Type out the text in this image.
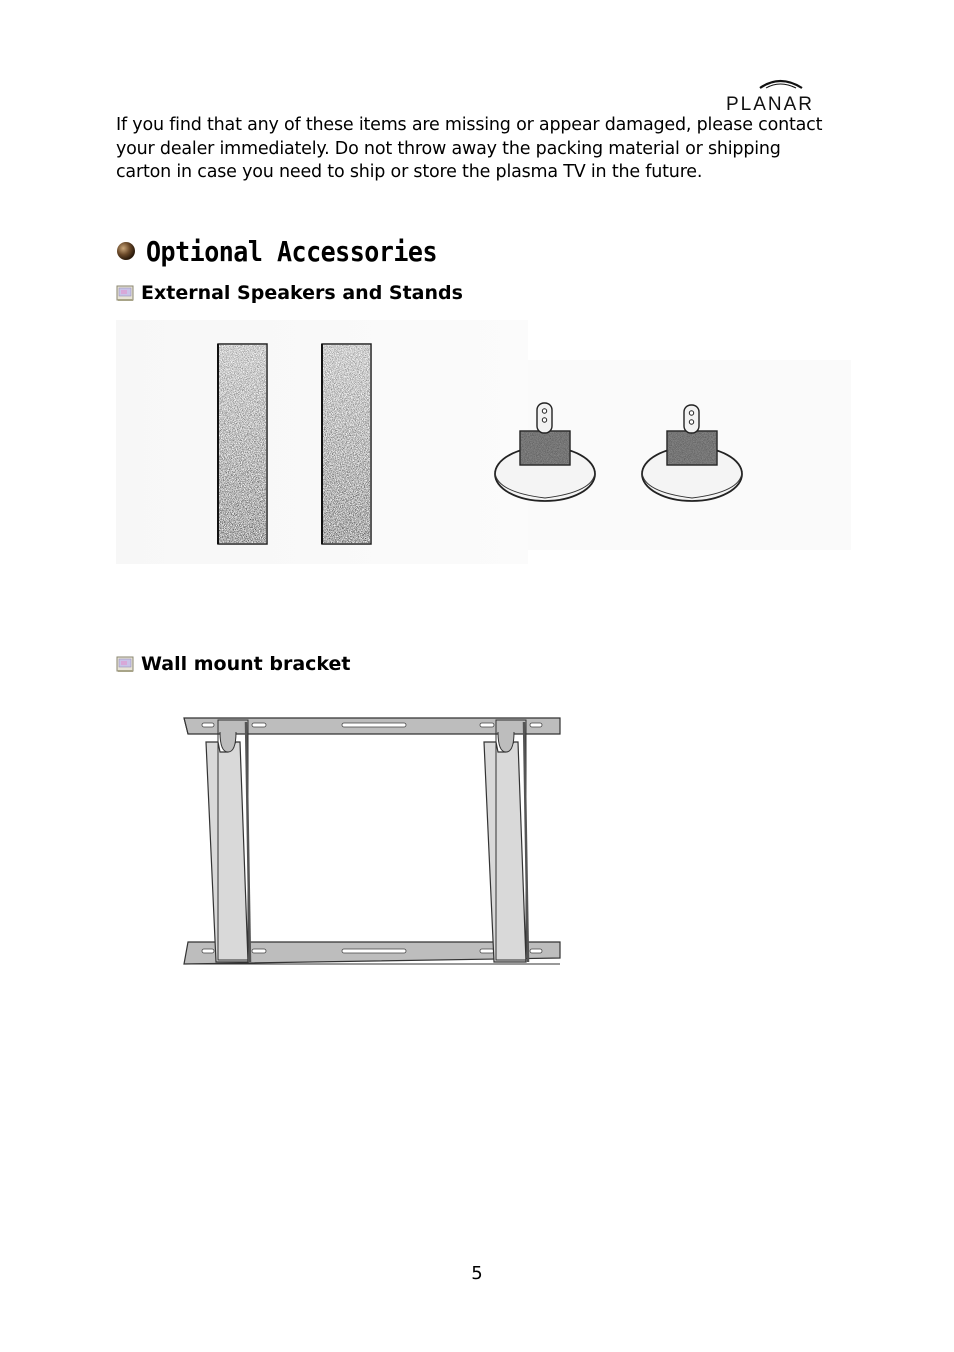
PLANAR
If you find that any of these items are missing or appear damaged, please contact
your dealer immediately. Do not throw away the packing material or shipping
carton in case you need to ship or store the plasma TV in the future.
Optional Accessories
External Speakers and Stands
Wall mount bracket
5
